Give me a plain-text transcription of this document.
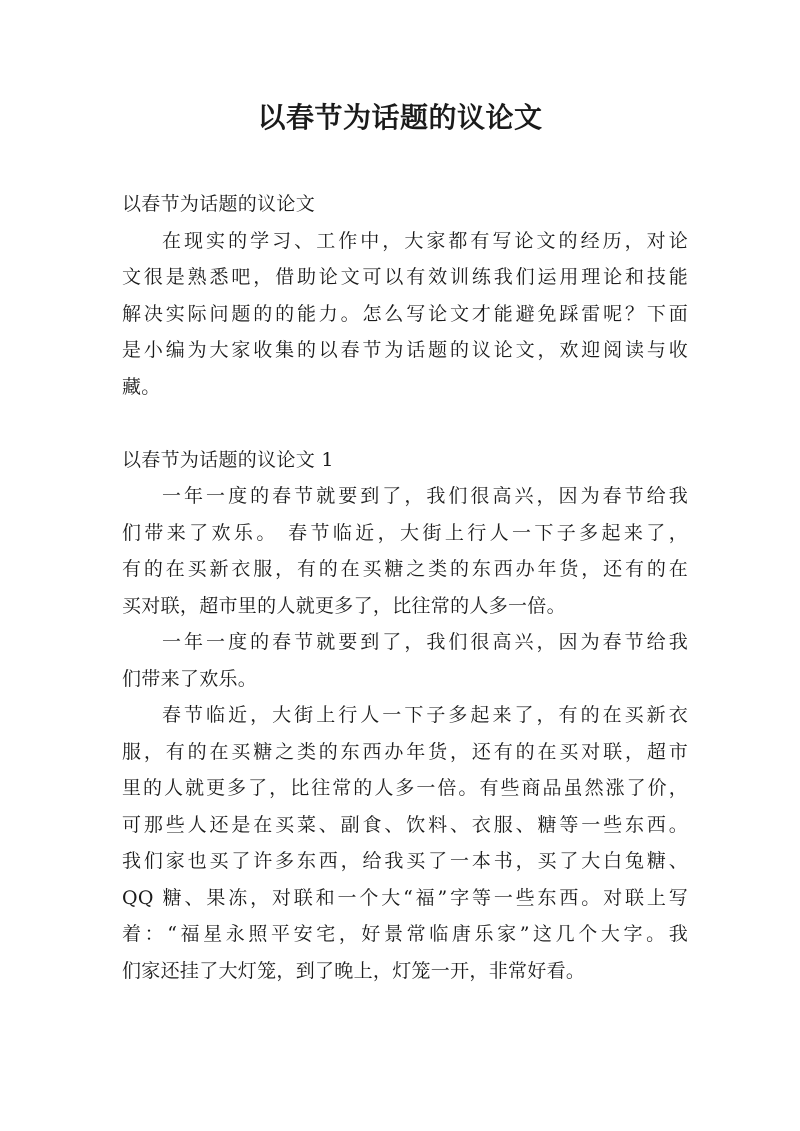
以春节为话题的议论文
以春节为话题的议论文
在现实的学习、工作中，大家都有写论文的经历，对论
文很是熟悉吧，借助论文可以有效训练我们运用理论和技能
解决实际问题的的能力。怎么写论文才能避免踩雷呢？下面
是小编为大家收集的以春节为话题的议论文，欢迎阅读与收
藏。
以春节为话题的议论文 1
一年一度的春节就要到了，我们很高兴，因为春节给我
们带来了欢乐。 春节临近，大街上行人一下子多起来了，
有的在买新衣服，有的在买糖之类的东西办年货，还有的在
买对联，超市里的人就更多了，比往常的人多一倍。
一年一度的春节就要到了，我们很高兴，因为春节给我
们带来了欢乐。
春节临近，大街上行人一下子多起来了，有的在买新衣
服，有的在买糖之类的东西办年货，还有的在买对联，超市
里的人就更多了，比往常的人多一倍。有些商品虽然涨了价，
可那些人还是在买菜、副食、饮料、衣服、糖等一些东西。
我们家也买了许多东西，给我买了一本书，买了大白兔糖、
QQ 糖、果冻，对联和一个大“福”字等一些东西。对联上写
着：“福星永照平安宅，好景常临唐乐家”这几个大字。我
们家还挂了大灯笼，到了晚上，灯笼一开，非常好看。
